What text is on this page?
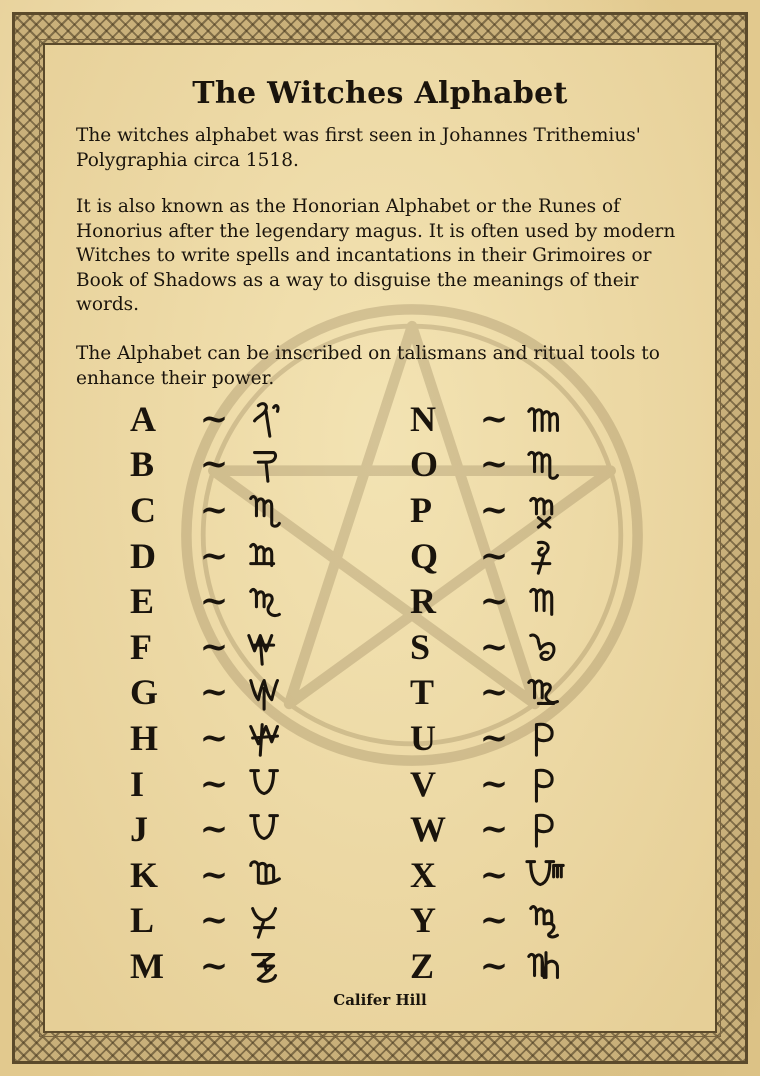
The Witches Alphabet

The witches alphabet was first seen in Johannes Trithemius' Polygraphia circa 1518.

It is also known as the Honorian Alphabet or the Runes of Honorius after the legendary magus. It is often used by modern Witches to write spells and incantations in their Grimoires or Book of Shadows as a way to disguise the meanings of their words.

The Alphabet can be inscribed on talismans and ritual tools to enhance their power.

A	~
B	~
C	~
D	~
E	~
F	~
G	~
H	~
I	~
J	~
K	~
L	~
M	~
N	~
O	~
P	~
Q	~
R	~
S	~
T	~
U	~
V	~
W ~
X	~
Y	~
Z	~
Califer Hill
